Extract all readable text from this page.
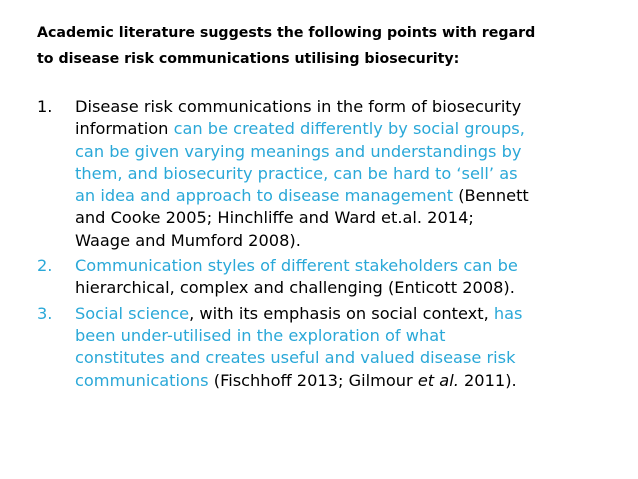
Academic literature suggests the following points with regard
to disease risk communications utilising biosecurity:

1. Disease risk communications in the form of biosecurity
information can be created differently by social groups,
can be given varying meanings and understandings by
them, and biosecurity practice, can be hard to ‘sell’ as
an idea and approach to disease management (Bennett
and Cooke 2005; Hinchliffe and Ward et.al. 2014;
Waage and Mumford 2008).
2. Communication styles of different stakeholders can be
hierarchical, complex and challenging (Enticott 2008).
3. Social science, with its emphasis on social context, has
been under-utilised in the exploration of what
constitutes and creates useful and valued disease risk
communications (Fischhoff 2013; Gilmour et al. 2011).
